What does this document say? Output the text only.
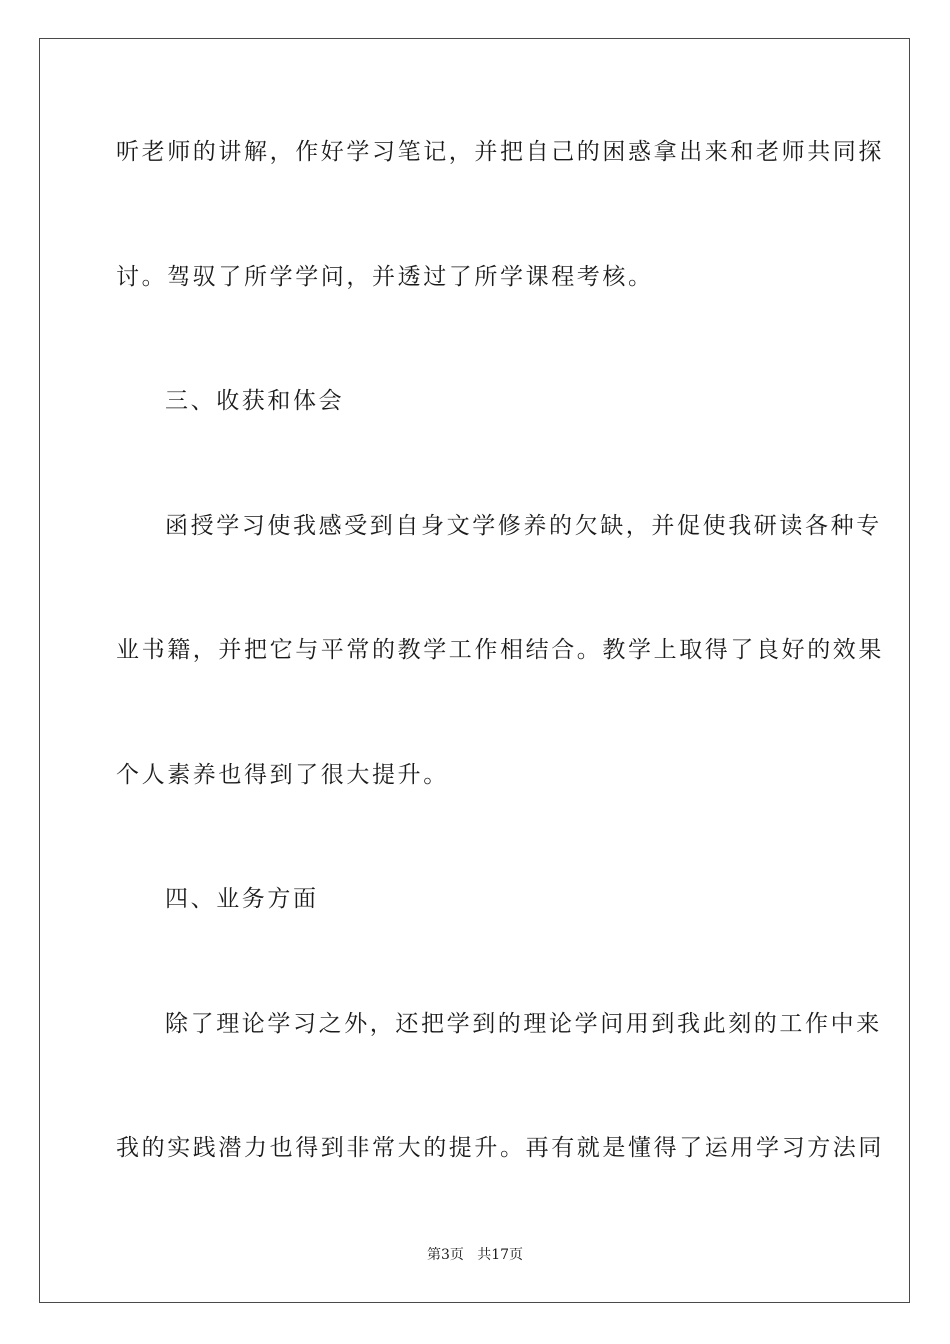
听老师的讲解，作好学习笔记，并把自己的困惑拿出来和老师共同探
讨。驾驭了所学学问，并透过了所学课程考核。
三、收获和体会
函授学习使我感受到自身文学修养的欠缺，并促使我研读各种专
业书籍，并把它与平常的教学工作相结合。教学上取得了良好的效果
个人素养也得到了很大提升。
四、业务方面
除了理论学习之外，还把学到的理论学问用到我此刻的工作中来
我的实践潜力也得到非常大的提升。再有就是懂得了运用学习方法同
第3页   共17页
